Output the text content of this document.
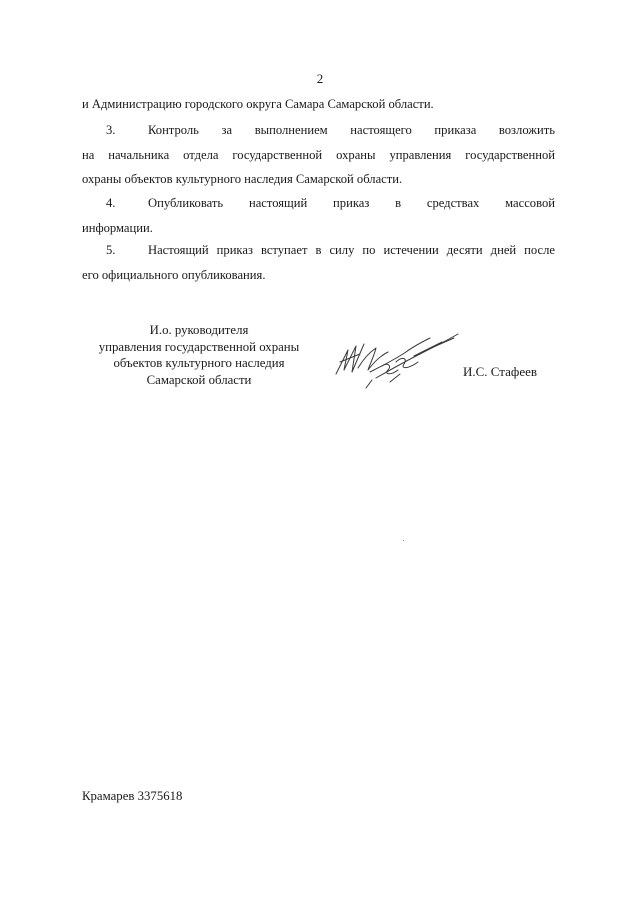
2
и Администрацию городского округа Самара Самарской области.
3.	Контроль за выполнением настоящего приказа возложить
на начальника отдела государственной охраны управления государственной
охраны объектов культурного наследия Самарской области.
4.	Опубликовать настоящий приказ в средствах массовой
информации.
5.	Настоящий приказ вступает в силу по истечении десяти дней после
его официального опубликования.
И.о. руководителя
управления государственной охраны
объектов культурного наследия
Самарской области
И.С. Стафеев
Крамарев 3375618
